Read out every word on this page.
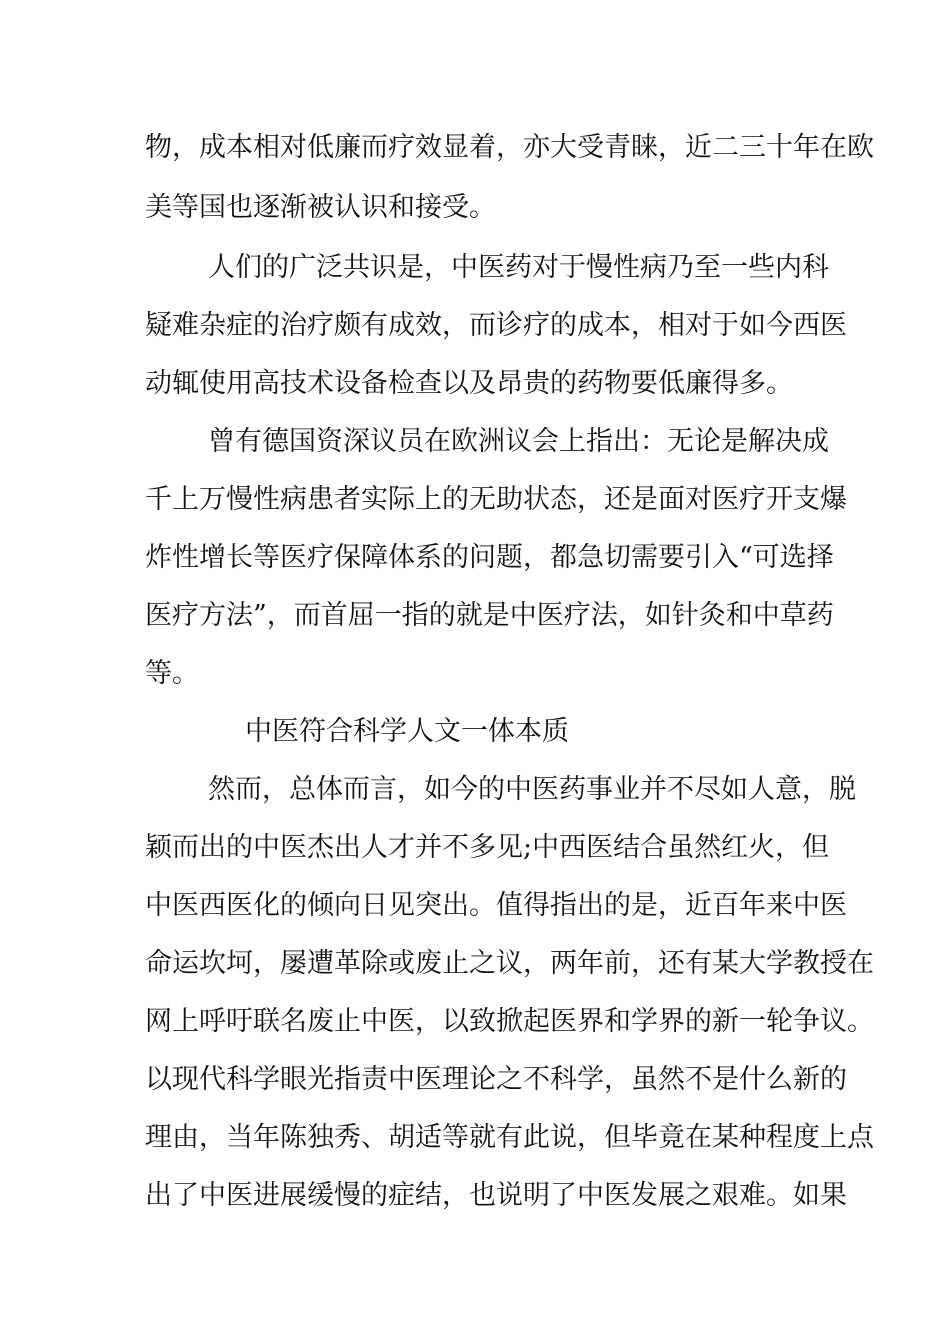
物，成本相对低廉而疗效显着，亦大受青睐，近二三十年在欧
美等国也逐渐被认识和接受。
人们的广泛共识是，中医药对于慢性病乃至一些内科
疑难杂症的治疗颇有成效，而诊疗的成本，相对于如今西医
动辄使用高技术设备检查以及昂贵的药物要低廉得多。
曾有德国资深议员在欧洲议会上指出：无论是解决成
千上万慢性病患者实际上的无助状态，还是面对医疗开支爆
炸性增长等医疗保障体系的问题，都急切需要引入“可选择
医疗方法”，而首屈一指的就是中医疗法，如针灸和中草药
等。
中医符合科学人文一体本质
然而，总体而言，如今的中医药事业并不尽如人意，脱
颖而出的中医杰出人才并不多见;中西医结合虽然红火，但
中医西医化的倾向日见突出。值得指出的是，近百年来中医
命运坎坷，屡遭革除或废止之议，两年前，还有某大学教授在
网上呼吁联名废止中医，以致掀起医界和学界的新一轮争议。
以现代科学眼光指责中医理论之不科学，虽然不是什么新的
理由，当年陈独秀、胡适等就有此说，但毕竟在某种程度上点
出了中医进展缓慢的症结，也说明了中医发展之艰难。如果
